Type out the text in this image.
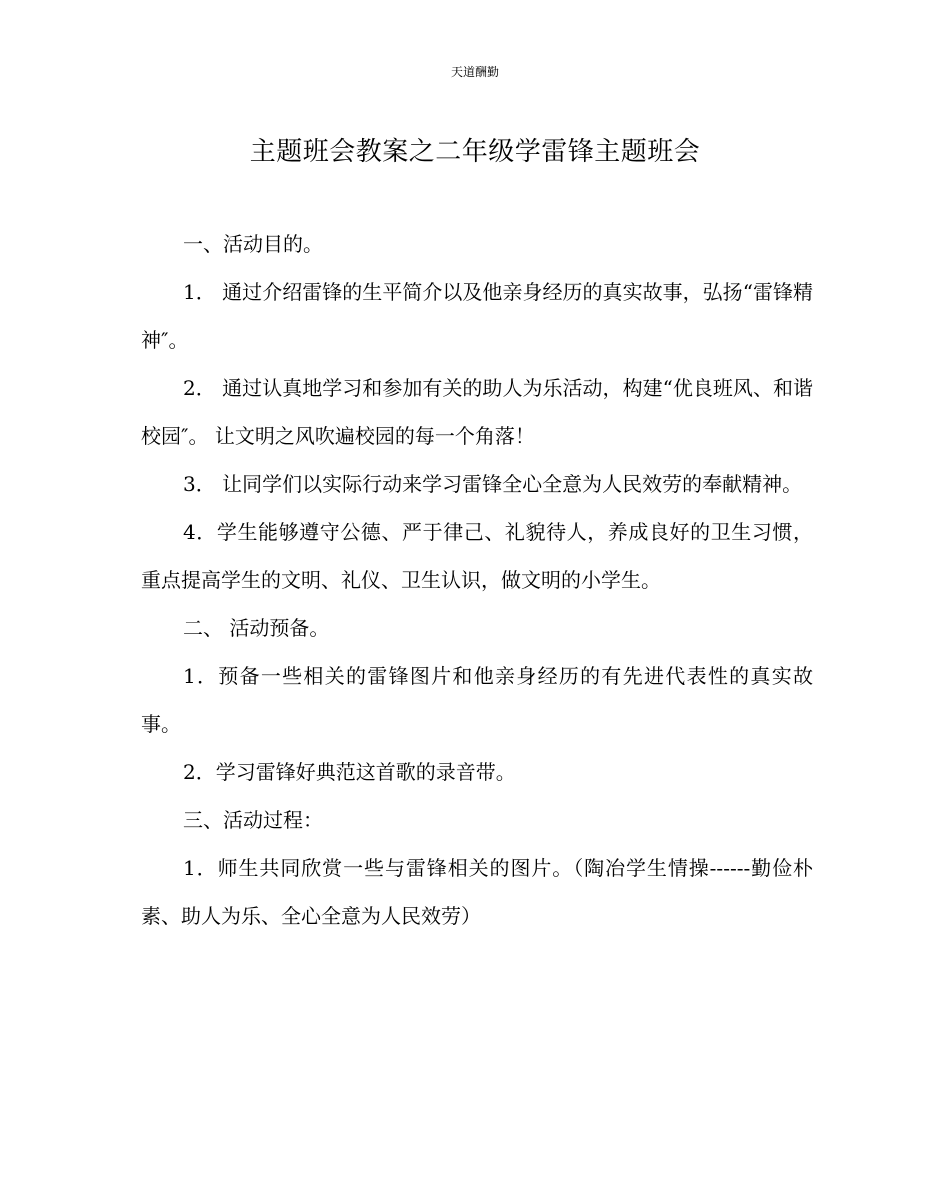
天道酬勤
主题班会教案之二年级学雷锋主题班会

一、活动目的。

1． 通过介绍雷锋的生平简介以及他亲身经历的真实故事，弘扬“雷锋精神″。

2． 通过认真地学习和参加有关的助人为乐活动，构建“优良班风、和谐校园″。 让文明之风吹遍校园的每一个角落！

3． 让同学们以实际行动来学习雷锋全心全意为人民效劳的奉献精神。

4．学生能够遵守公德、严于律己、礼貌待人，养成良好的卫生习惯，重点提高学生的文明、礼仪、卫生认识，做文明的小学生。

二、 活动预备。

1．预备一些相关的雷锋图片和他亲身经历的有先进代表性的真实故事。

2．学习雷锋好典范这首歌的录音带。

三、活动过程：

1．师生共同欣赏一些与雷锋相关的图片。（陶冶学生情操------勤俭朴素、助人为乐、全心全意为人民效劳）
